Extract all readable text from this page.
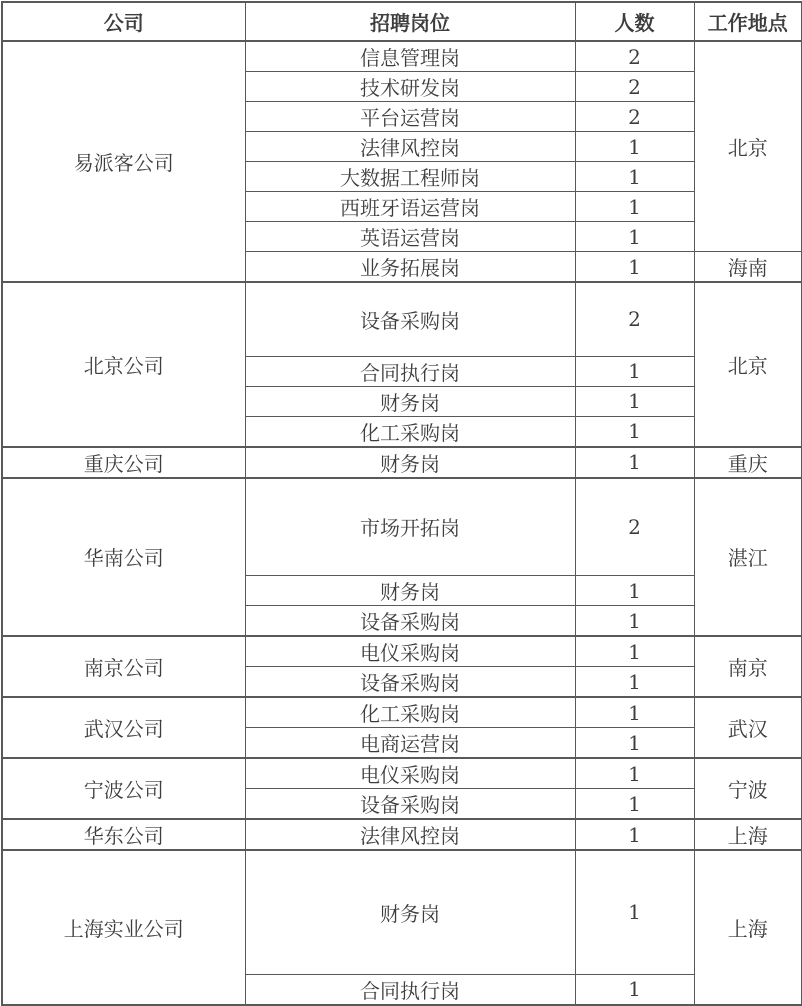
公司	招聘岗位	人数	工作地点
易派客公司	信息管理岗	2	北京
	技术研发岗	2	
	平台运营岗	2	
	法律风控岗	1	
	大数据工程师岗	1	
	西班牙语运营岗	1	
	英语运营岗	1	
	业务拓展岗	1	海南
北京公司	设备采购岗	2	北京
	合同执行岗	1	
	财务岗	1	
	化工采购岗	1	
重庆公司	财务岗	1	重庆
华南公司	市场开拓岗	2	湛江
	财务岗	1	
	设备采购岗	1	
南京公司	电仪采购岗	1	南京
	设备采购岗	1	
武汉公司	化工采购岗	1	武汉
	电商运营岗	1	
宁波公司	电仪采购岗	1	宁波
	设备采购岗	1	
华东公司	法律风控岗	1	上海
上海实业公司	财务岗	1	上海
	合同执行岗	1	
